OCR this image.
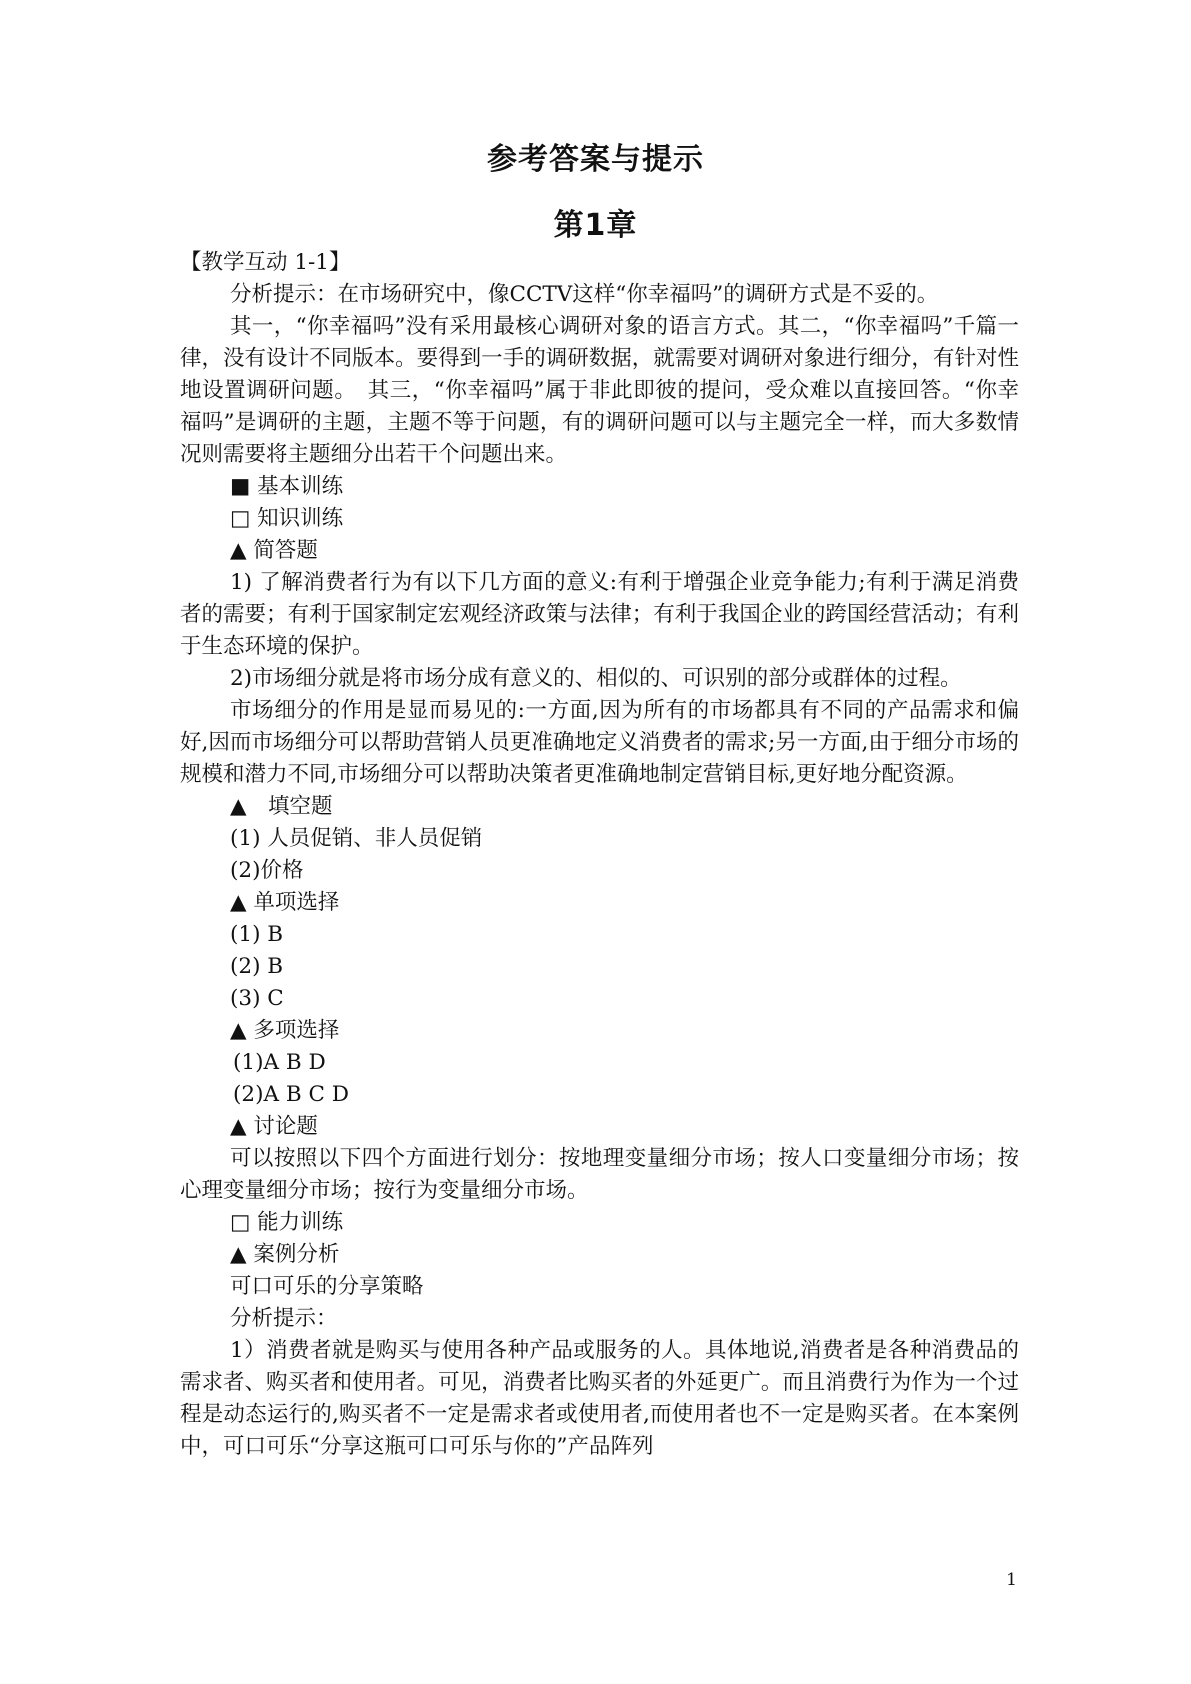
参考答案与提示
第1章

【教学互动 1-1】

分析提示：在市场研究中，像CCTV这样“你幸福吗”的调研方式是不妥的。

其一，“你幸福吗”没有采用最核心调研对象的语言方式。其二，“你幸福吗”千篇一律，没有设计不同版本。要得到一手的调研数据，就需要对调研对象进行细分，有针对性地设置调研问题。　其三，“你幸福吗”属于非此即彼的提问，受众难以直接回答。“你幸福吗”是调研的主题，主题不等于问题，有的调研问题可以与主题完全一样，而大多数情况则需要将主题细分出若干个问题出来。

■ 基本训练

□ 知识训练

▲ 简答题

1) 了解消费者行为有以下几方面的意义:有利于增强企业竞争能力;有利于满足消费者的需要；有利于国家制定宏观经济政策与法律；有利于我国企业的跨国经营活动；有利于生态环境的保护。

2)市场细分就是将市场分成有意义的、相似的、可识别的部分或群体的过程。

市场细分的作用是显而易见的:一方面,因为所有的市场都具有不同的产品需求和偏好,因而市场细分可以帮助营销人员更准确地定义消费者的需求;另一方面,由于细分市场的规模和潜力不同,市场细分可以帮助决策者更准确地制定营销目标,更好地分配资源。

▲　填空题

(1) 人员促销、非人员促销

(2)价格

▲ 单项选择

(1) B

(2) B

(3) C

▲ 多项选择

(1)A B D

(2)A B C D

▲ 讨论题

可以按照以下四个方面进行划分：按地理变量细分市场；按人口变量细分市场；按心理变量细分市场；按行为变量细分市场。

□ 能力训练

▲ 案例分析

可口可乐的分享策略

分析提示：

1）消费者就是购买与使用各种产品或服务的人。具体地说,消费者是各种消费品的需求者、购买者和使用者。可见，消费者比购买者的外延更广。而且消费行为作为一个过程是动态运行的,购买者不一定是需求者或使用者,而使用者也不一定是购买者。在本案例中，可口可乐“分享这瓶可口可乐与你的”产品阵列

1
